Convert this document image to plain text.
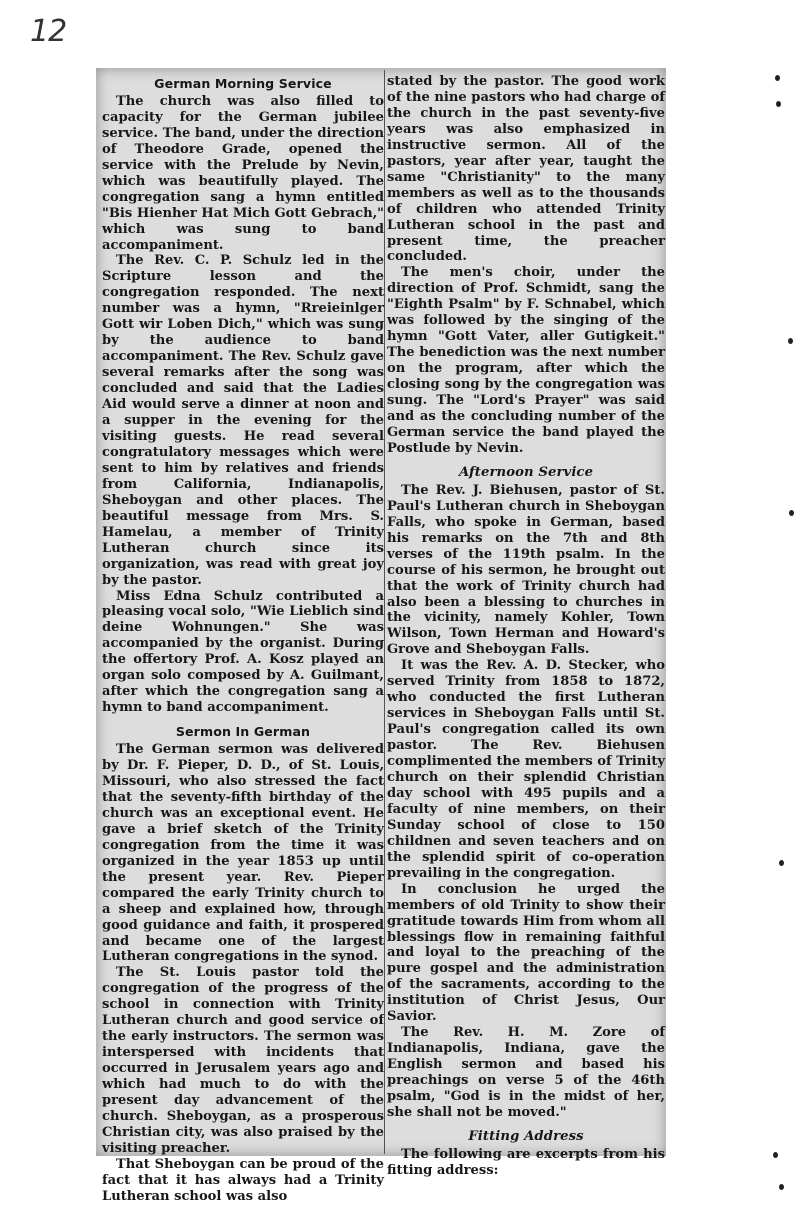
12
German Morning Service

The church was also filled to capacity for the German jubilee service. The band, under the direction of Theodore Grade, opened the service with the Prelude by Nevin, which was beautifully played. The congregation sang a hymn entitled "Bis Hienher Hat Mich Gott Gebrach," which was sung to band accompaniment.

The Rev. C. P. Schulz led in the Scripture lesson and the congregation responded. The next number was a hymn, "Rreieinlger Gott wir Loben Dich," which was sung by the audience to band accompaniment. The Rev. Schulz gave several remarks after the song was concluded and said that the Ladies Aid would serve a dinner at noon and a supper in the evening for the visiting guests. He read several congratulatory messages which were sent to him by relatives and friends from California, Indianapolis, Sheboygan and other places. The beautiful message from Mrs. S. Hamelau, a member of Trinity Lutheran church since its organization, was read with great joy by the pastor.

Miss Edna Schulz contributed a pleasing vocal solo, "Wie Lieblich sind deine Wohnungen." She was accompanied by the organist. During the offertory Prof. A. Kosz played an organ solo composed by A. Guilmant, after which the congregation sang a hymn to band accompaniment.

Sermon In German

The German sermon was delivered by Dr. F. Pieper, D. D., of St. Louis, Missouri, who also stressed the fact that the seventy-fifth birthday of the church was an exceptional event. He gave a brief sketch of the Trinity congregation from the time it was organized in the year 1853 up until the present year. Rev. Pieper compared the early Trinity church to a sheep and explained how, through good guidance and faith, it prospered and became one of the largest Lutheran congregations in the synod.

The St. Louis pastor told the congregation of the progress of the school in connection with Trinity Lutheran church and good service of the early instructors. The sermon was interspersed with incidents that occurred in Jerusalem years ago and which had much to do with the present day advancement of the church. Sheboygan, as a prosperous Christian city, was also praised by the visiting preacher.

That Sheboygan can be proud of the fact that it has always had a Trinity Lutheran school was also

stated by the pastor. The good work of the nine pastors who had charge of the church in the past seventy-five years was also emphasized in instructive sermon. All of the pastors, year after year, taught the same "Christianity" to the many members as well as to the thousands of children who attended Trinity Lutheran school in the past and present time, the preacher concluded.

The men's choir, under the direction of Prof. Schmidt, sang the "Eighth Psalm" by F. Schnabel, which was followed by the singing of the hymn "Gott Vater, aller Gutigkeit." The benediction was the next number on the program, after which the closing song by the congregation was sung. The "Lord's Prayer" was said and as the concluding number of the German service the band played the Postlude by Nevin.

Afternoon Service

The Rev. J. Biehusen, pastor of St. Paul's Lutheran church in Sheboygan Falls, who spoke in German, based his remarks on the 7th and 8th verses of the 119th psalm. In the course of his sermon, he brought out that the work of Trinity church had also been a blessing to churches in the vicinity, namely Kohler, Town Wilson, Town Herman and Howard's Grove and Sheboygan Falls.

It was the Rev. A. D. Stecker, who served Trinity from 1858 to 1872, who conducted the first Lutheran services in Sheboygan Falls until St. Paul's congregation called its own pastor. The Rev. Biehusen complimented the members of Trinity church on their splendid Christian day school with 495 pupils and a faculty of nine members, on their Sunday school of close to 150 childnen and seven teachers and on the splendid spirit of co-operation prevailing in the congregation.

In conclusion he urged the members of old Trinity to show their gratitude towards Him from whom all blessings flow in remaining faithful and loyal to the preaching of the pure gospel and the administration of the sacraments, according to the institution of Christ Jesus, Our Savior.

The Rev. H. M. Zore of Indianapolis, Indiana, gave the English sermon and based his preachings on verse 5 of the 46th psalm, "God is in the midst of her, she shall not be moved."

Fitting Address

The following are excerpts from his fitting address:
